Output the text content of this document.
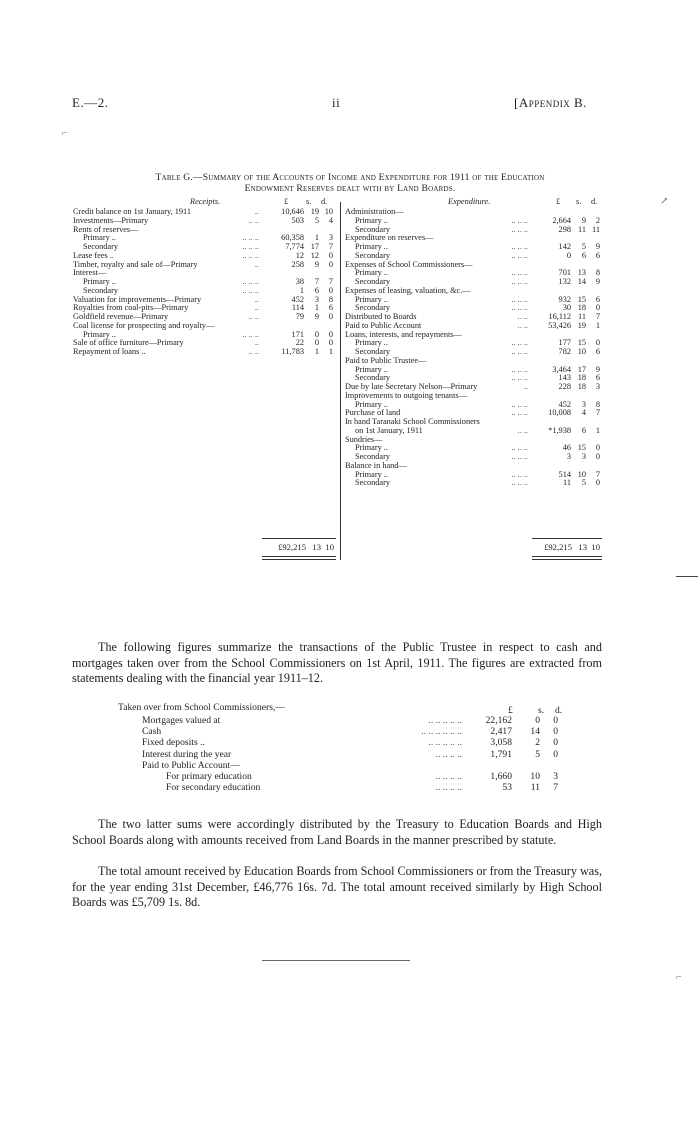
E.—2.	ii	[Appendix B.
Table G.—Summary of the Accounts of Income and Expenditure for 1911 of the Education
Endowment Reserves dealt with by Land Boards.
Receipts.	£ s. d.	Expenditure.	£ s. d.
Credit balance on 1st January, 1911	..	10,646 19 10
Investments—Primary	.. ..	503 5 4
Rents of reserves—
Primary ..	.. .. ..	60,358 1 3
Secondary	.. .. ..	7,774 17 7
Lease fees ..	.. .. ..	12 12 0
Timber, royalty and sale of—Primary	..	258 9 0
Interest—
Primary ..	.. .. ..	38 7 7
Secondary	.. .. ..	1 6 0
Valuation for improvements—Primary	..	452 3 8
Royalties from coal-pits—Primary	..	114 1 6
Goldfield revenue—Primary	.. ..	79 9 0
Coal license for prospecting and royalty—
Primary ..	.. .. ..	171 0 0
Sale of office furniture—Primary	..	22 0 0
Repayment of loans ..	.. ..	11,783 1 1
Administration—
Primary ..	.. .. ..	2,664 9 2
Secondary	.. .. ..	298 11 11
Expenditure on reserves—
Primary ..	.. .. ..	142 5 9
Secondary	.. .. ..	0 6 6
Expenses of School Commissioners—
Primary ..	.. .. ..	701 13 8
Secondary	.. .. ..	132 14 9
Expenses of leasing, valuation, &c.—
Primary ..	.. .. ..	932 15 6
Secondary	.. .. ..	30 18 0
Distributed to Boards	.. .. 16,112 11 7
Paid to Public Account	.. .. 53,426 19 1
Loans, interests, and repayments—
Primary ..	.. .. ..	177 15 0
Secondary	.. .. ..	782 10 6
Paid to Public Trustee—
Primary ..	.. .. ..	3,464 17 9
Secondary	.. .. ..	143 18 6
Due by late Secretary Nelson—Primary	..	228 18 3
Improvements to outgoing tenants—
Primary ..	.. .. ..	452 3 8
Purchase of land	.. .. .. 10,008 4 7
In hand Taranaki School Commissioners
on 1st January, 1911	.. .. *1,938 6 1
Sundries—
Primary ..	.. .. ..	46 15 0
Secondary	.. .. ..	3 3 0
Balance in hand—
Primary ..	.. .. ..	514 10 7
Secondary	.. .. ..	11 5 0
£92,215 13 10	£92,215 13 10
The following figures summarize the transactions of the Public Trustee in respect to cash and mortgages taken over from the School Commissioners on 1st April, 1911. The figures are extracted from statements dealing with the financial year 1911–12.
Taken over from School Commissioners,—	£	s. d.
Mortgages valued at	.. .. .. .. .. 22,162 0 0
Cash	.. .. .. .. .. ..	2,417 14 0
Fixed deposits ..	.. .. .. .. ..	3,058 2 0
Interest during the year	.. .. .. ..	1,791 5 0
Paid to Public Account—
For primary education	.. .. .. ..	1,660 10 3
For secondary education	.. .. .. ..	53 11 7
The two latter sums were accordingly distributed by the Treasury to Education Boards and High School Boards along with amounts received from Land Boards in the manner prescribed by statute.
The total amount received by Education Boards from School Commissioners or from the Treasury was, for the year ending 31st December, £46,776 16s. 7d. The total amount received similarly by High School Boards was £5,709 1s. 8d.
⌐
↗
⌐
